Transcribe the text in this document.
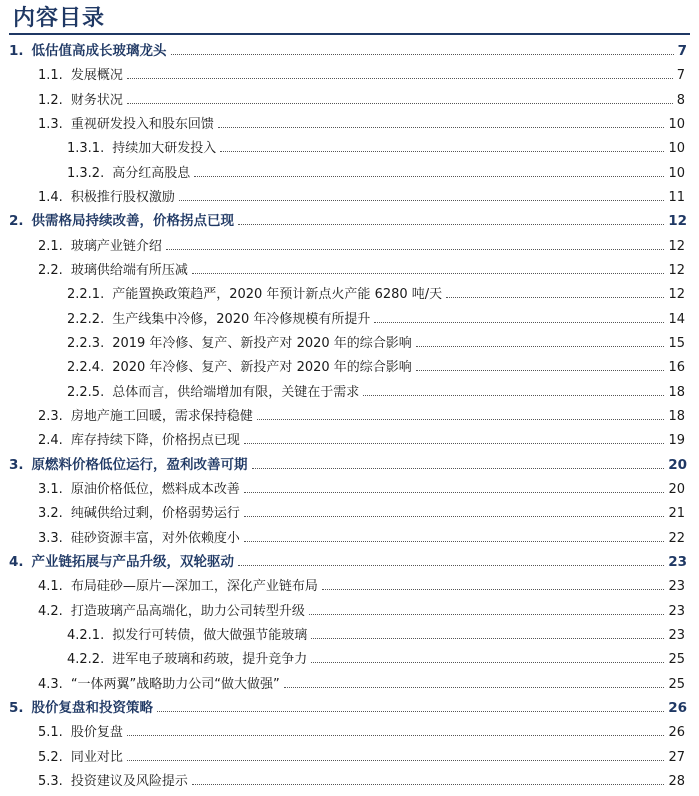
内容目录
1. 低估值高成长玻璃龙头	7
1.1. 发展概况	7
1.2. 财务状况	8
1.3. 重视研发投入和股东回馈	10
1.3.1. 持续加大研发投入	10
1.3.2. 高分红高股息	10
1.4. 积极推行股权激励	11
2. 供需格局持续改善，价格拐点已现	12
2.1. 玻璃产业链介绍	12
2.2. 玻璃供给端有所压减	12
2.2.1. 产能置换政策趋严，2020 年预计新点火产能 6280 吨/天	12
2.2.2. 生产线集中冷修，2020 年冷修规模有所提升	14
2.2.3. 2019 年冷修、复产、新投产对 2020 年的综合影响	15
2.2.4. 2020 年冷修、复产、新投产对 2020 年的综合影响	16
2.2.5. 总体而言，供给端增加有限，关键在于需求	18
2.3. 房地产施工回暖，需求保持稳健	18
2.4. 库存持续下降，价格拐点已现	19
3. 原燃料价格低位运行，盈利改善可期	20
3.1. 原油价格低位，燃料成本改善	20
3.2. 纯碱供给过剩，价格弱势运行	21
3.3. 硅砂资源丰富，对外依赖度小	22
4. 产业链拓展与产品升级，双轮驱动	23
4.1. 布局硅砂—原片—深加工，深化产业链布局	23
4.2. 打造玻璃产品高端化，助力公司转型升级	23
4.2.1. 拟发行可转债，做大做强节能玻璃	23
4.2.2. 进军电子玻璃和药玻，提升竞争力	25
4.3. “一体两翼”战略助力公司“做大做强”	25
5. 股价复盘和投资策略	26
5.1. 股价复盘	26
5.2. 同业对比	27
5.3. 投资建议及风险提示	28
